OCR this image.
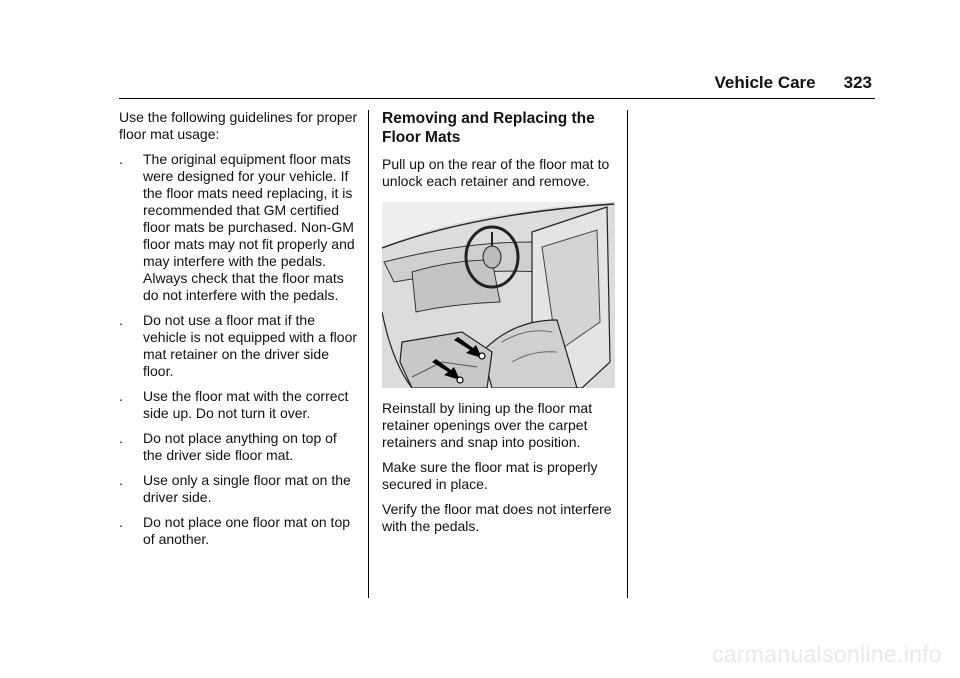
Vehicle Care 323

Use the following guidelines for proper floor mat usage:

. The original equipment floor mats were designed for your vehicle. If the floor mats need replacing, it is recommended that GM certified floor mats be purchased. Non-GM floor mats may not fit properly and may interfere with the pedals. Always check that the floor mats do not interfere with the pedals.
. Do not use a floor mat if the vehicle is not equipped with a floor mat retainer on the driver side floor.
. Use the floor mat with the correct side up. Do not turn it over.
. Do not place anything on top of the driver side floor mat.
. Use only a single floor mat on the driver side.
. Do not place one floor mat on top of another.
Removing and Replacing the Floor Mats

Pull up on the rear of the floor mat to unlock each retainer and remove.

Reinstall by lining up the floor mat retainer openings over the carpet retainers and snap into position.

Make sure the floor mat is properly secured in place.

Verify the floor mat does not interfere with the pedals.

carmanualsonline.info
